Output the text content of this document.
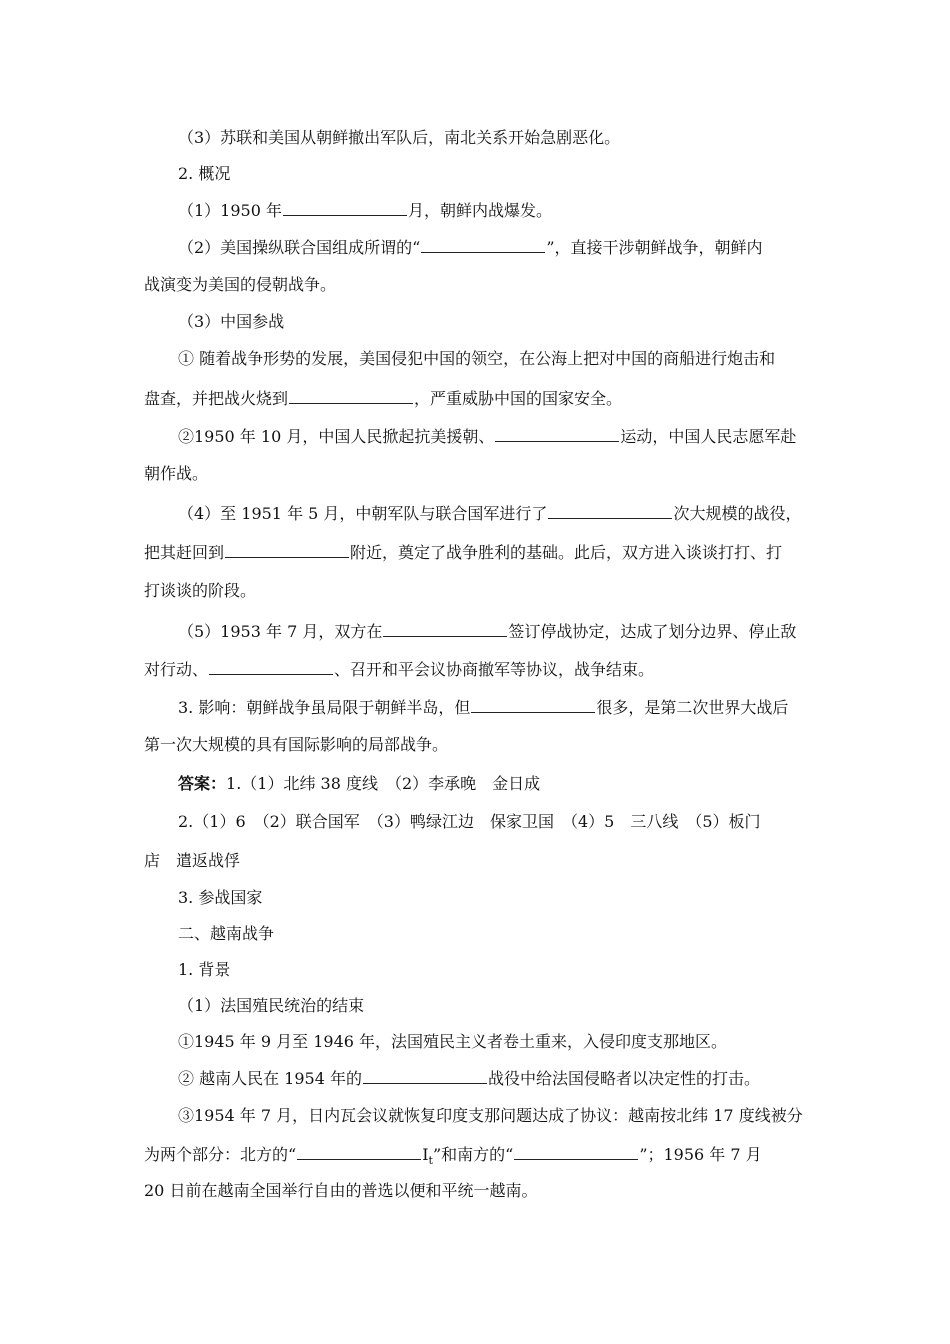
（3）苏联和美国从朝鲜撤出军队后，南北关系开始急剧恶化。
2. 概况
（1）1950 年	月，朝鲜内战爆发。
（2）美国操纵联合国组成所谓的“	”，直接干涉朝鲜战争，朝鲜内
战演变为美国的侵朝战争。
（3）中国参战
① 随着战争形势的发展，美国侵犯中国的领空，在公海上把对中国的商船进行炮击和
盘查，并把战火烧到	，严重威胁中国的国家安全。
②1950 年 10 月，中国人民掀起抗美援朝、	运动，中国人民志愿军赴
朝作战。
（4）至 1951 年 5 月，中朝军队与联合国军进行了	次大规模的战役，
把其赶回到	附近，奠定了战争胜利的基础。此后，双方进入谈谈打打、打
打谈谈的阶段。
（5）1953 年 7 月，双方在	签订停战协定，达成了划分边界、停止敌
对行动、	、召开和平会议协商撤军等协议，战争结束。
3. 影响：朝鲜战争虽局限于朝鲜半岛，但	很多，是第二次世界大战后
第一次大规模的具有国际影响的局部战争。
答案：1.（1）北纬 38 度线　（2）李承晚　金日成
2.（1）6　（2）联合国军　（3）鸭绿江边　保家卫国　（4）5　三八线　（5）板门
店　遣返战俘
3. 参战国家
二、越南战争
1. 背景
（1）法国殖民统治的结束
①1945 年 9 月至 1946 年，法国殖民主义者卷土重来，入侵印度支那地区。
② 越南人民在 1954 年的	战役中给法国侵略者以决定性的打击。
③1954 年 7 月，日内瓦会议就恢复印度支那问题达成了协议：越南按北纬 17 度线被分
为两个部分：北方的“	$I_t$”和南方的“	”；1956 年 7 月
20 日前在越南全国举行自由的普选以便和平统一越南。
